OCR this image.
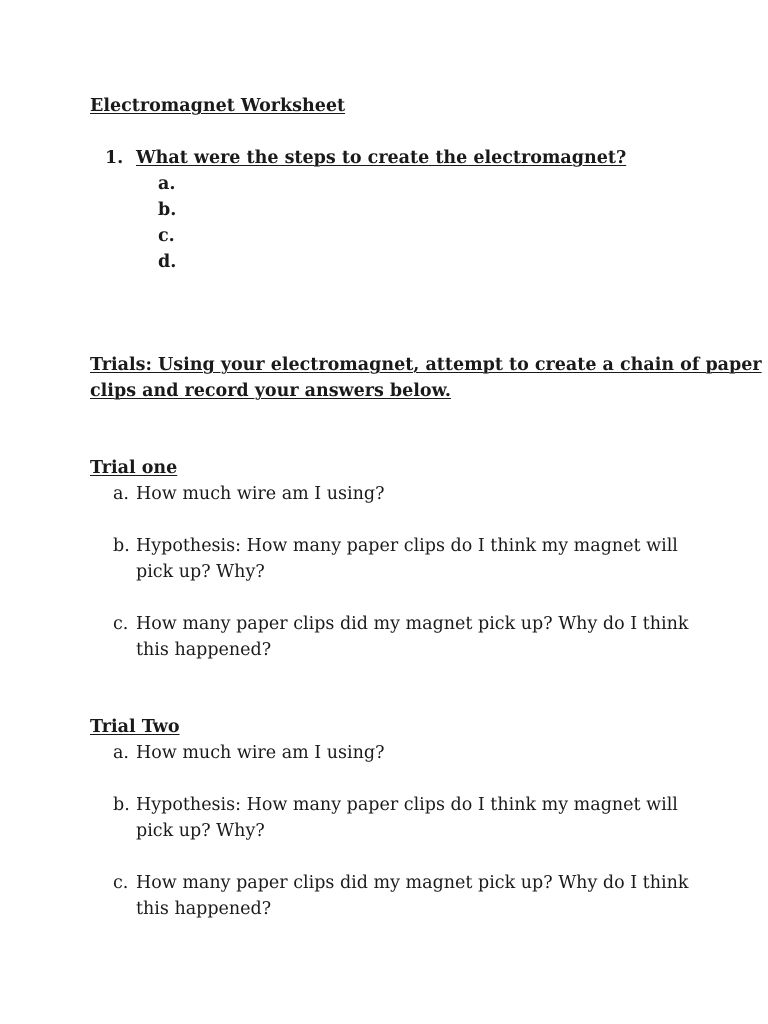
Electromagnet Worksheet
1. What were the steps to create the electromagnet?
a.
b.
c.
d.
Trials: Using your electromagnet, attempt to create a chain of paper
clips and record your answers below.
Trial one
a. How much wire am I using?
b. Hypothesis: How many paper clips do I think my magnet will
pick up? Why?
c. How many paper clips did my magnet pick up? Why do I think
this happened?
Trial Two
a. How much wire am I using?
b. Hypothesis: How many paper clips do I think my magnet will
pick up? Why?
c. How many paper clips did my magnet pick up? Why do I think
this happened?
